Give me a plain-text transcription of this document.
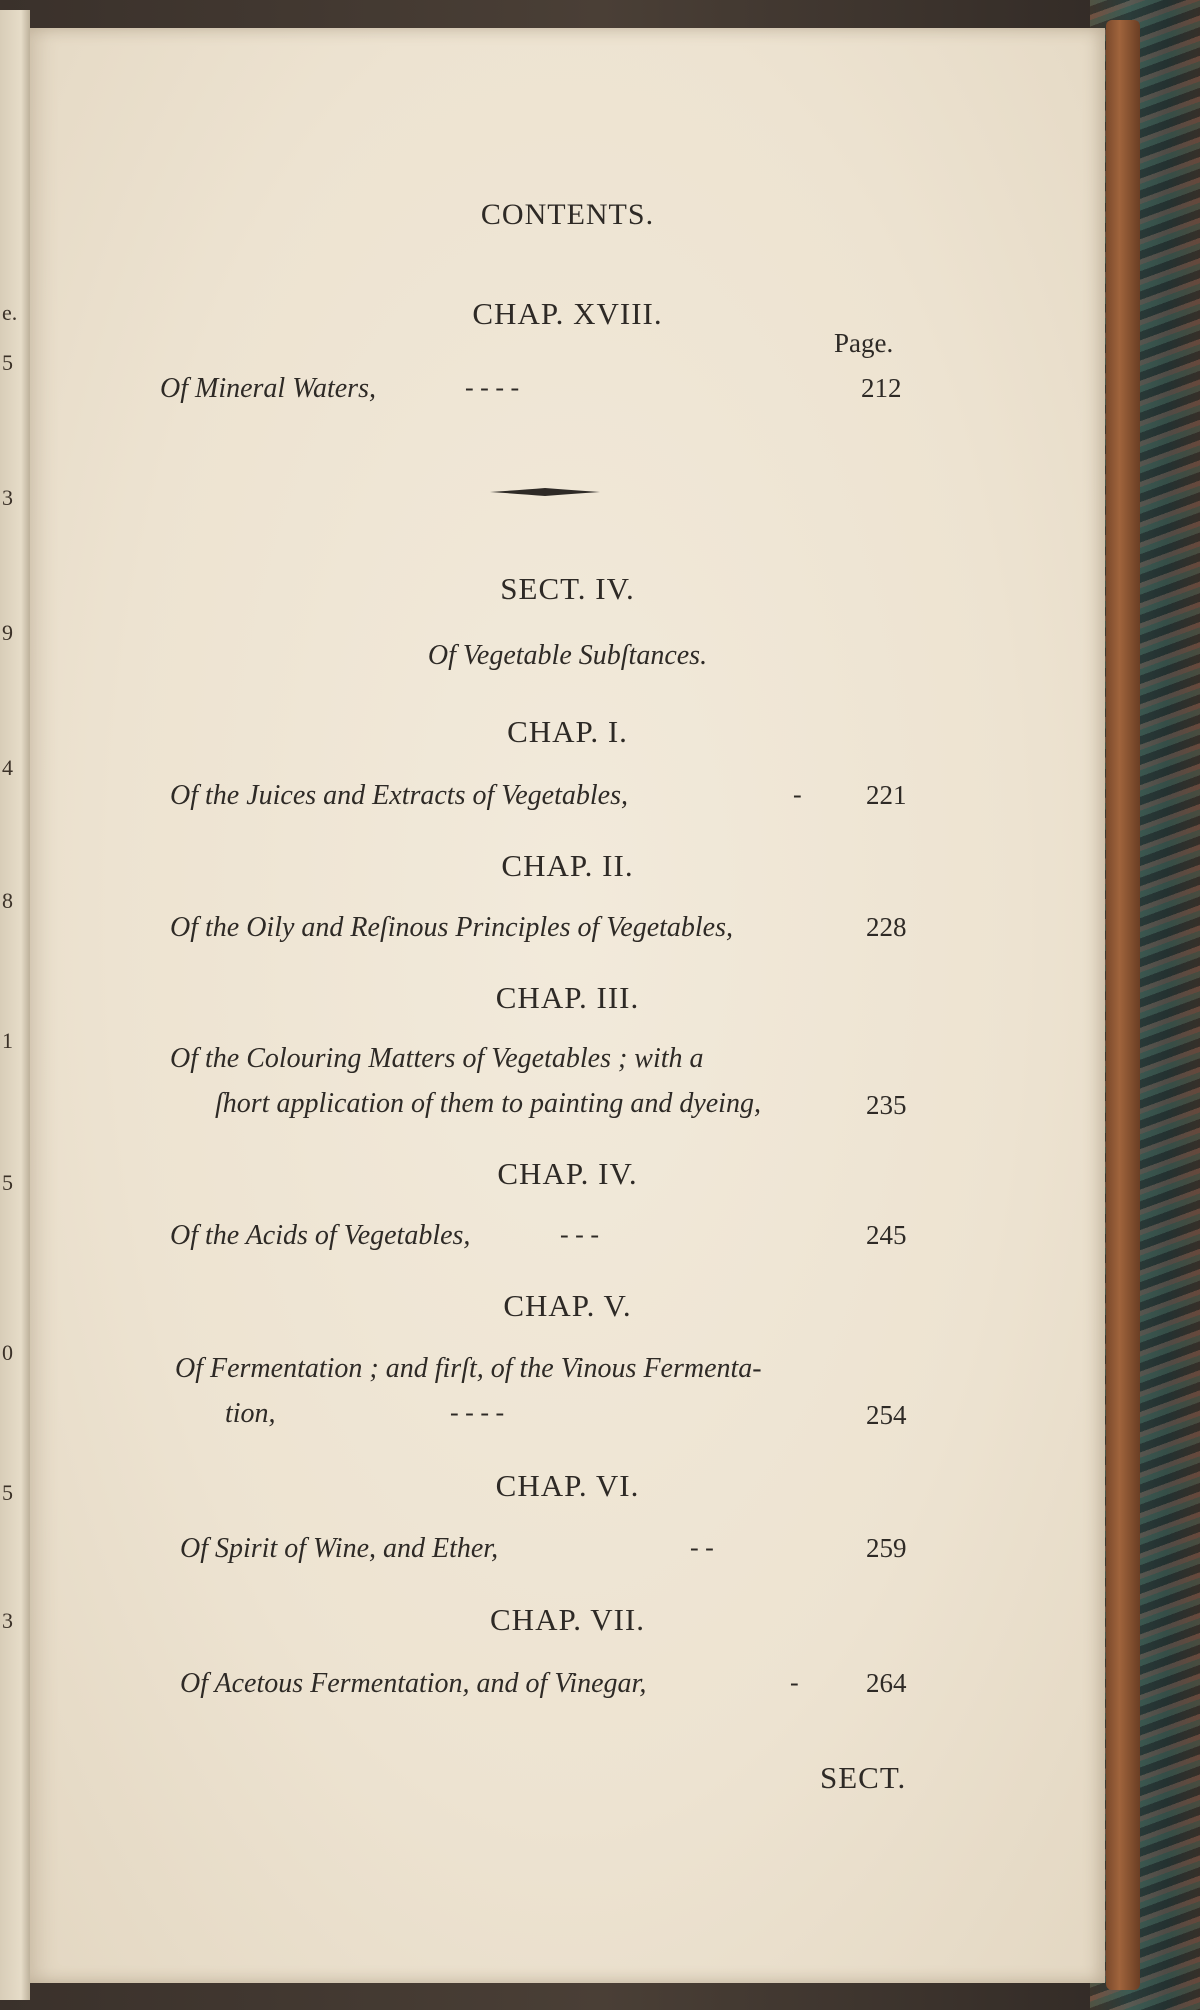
e.
5
3
9
4
8
1
5
0
5
3
CONTENTS.
CHAP. XVIII.
Page.
Of Mineral Waters,	- - - -	212
SECT. IV.
Of Vegetable Subſtances.
CHAP. I.
Of the Juices and Extracts of Vegetables,	- 221
CHAP. II.
Of the Oily and Reſinous Principles of Vegetables,	228
CHAP. III.
Of the Colouring Matters of Vegetables ; with a
ſhort application of them to painting and dyeing,	235
CHAP. IV.
Of the Acids of Vegetables,	- - -	245
CHAP. V.
Of Fermentation ; and firſt, of the Vinous Fermenta-
tion,	- - - -	254
CHAP. VI.
Of Spirit of Wine, and Ether,	- -	259
CHAP. VII.
Of Acetous Fermentation, and of Vinegar,	- 264
SECT.
